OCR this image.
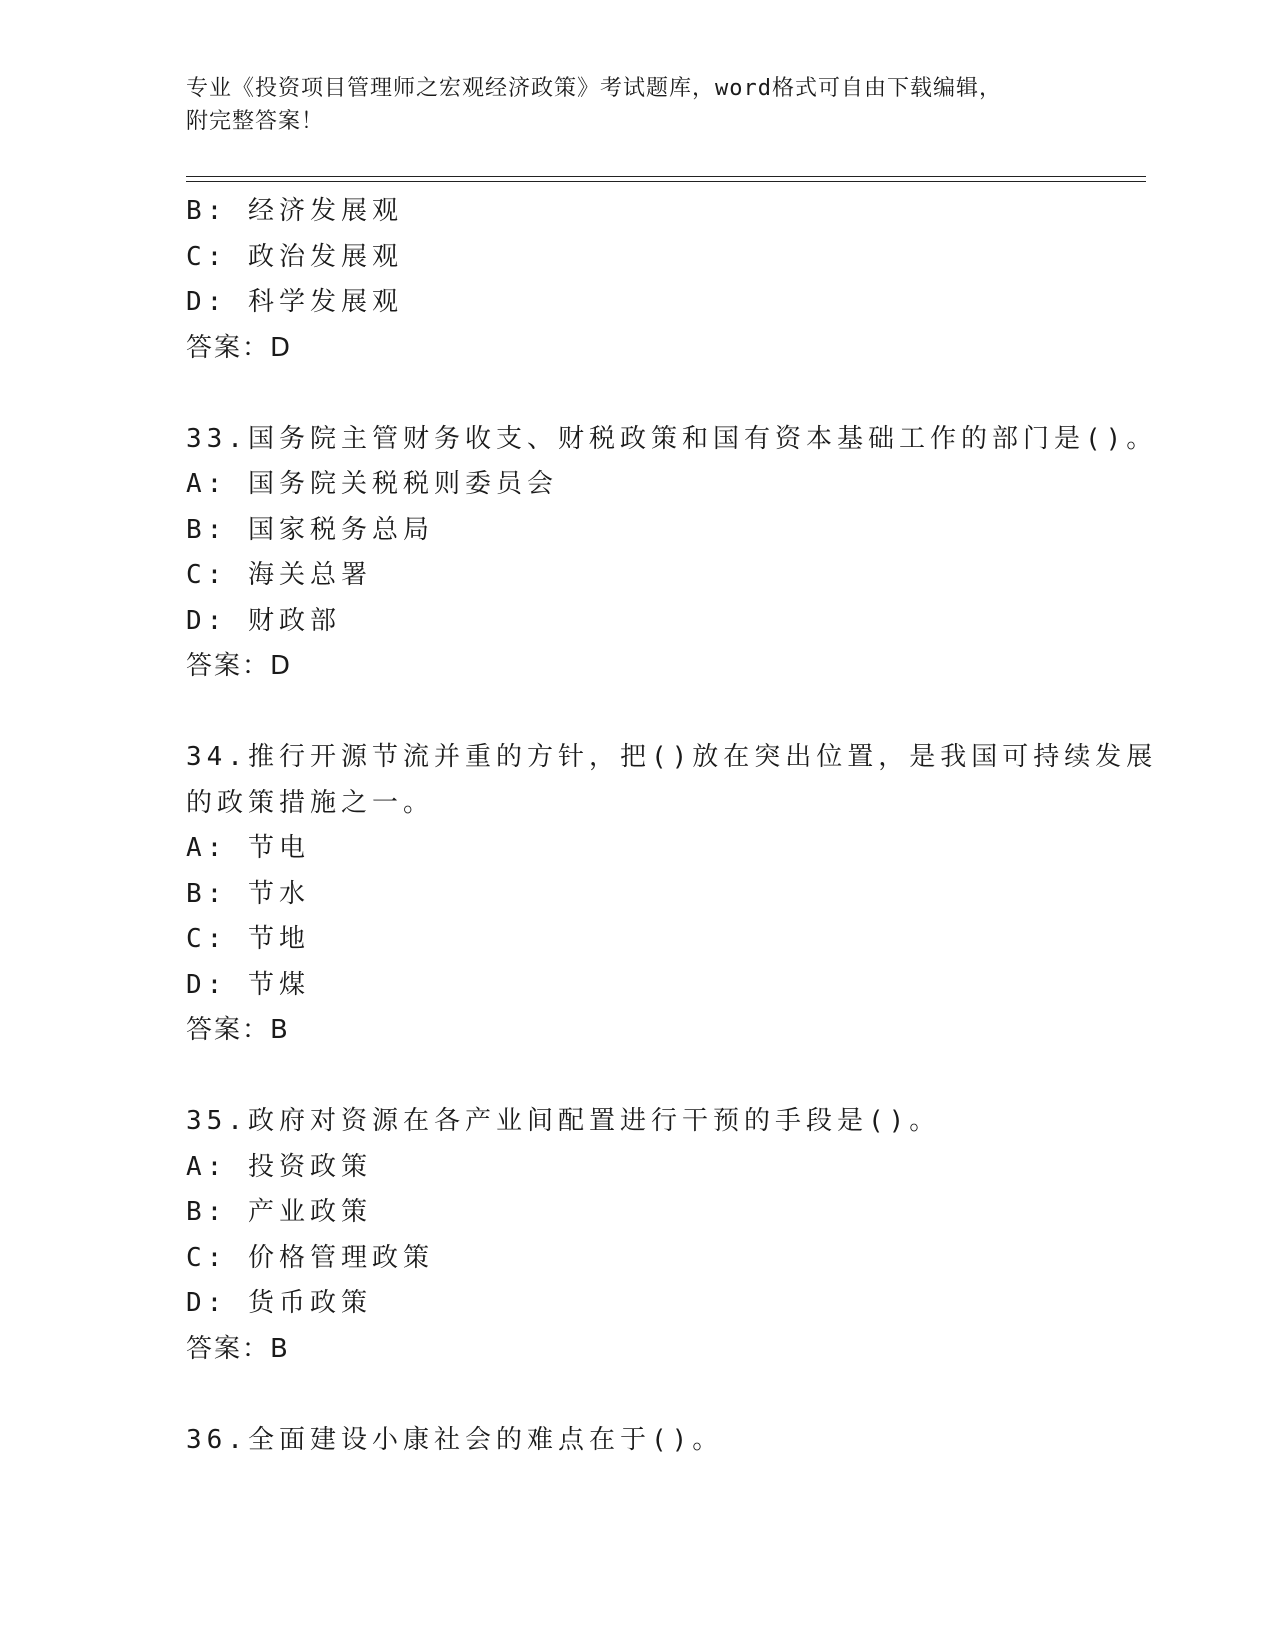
专业《投资项目管理师之宏观经济政策》考试题库，word格式可自由下载编辑，
附完整答案！
B: 经济发展观
C: 政治发展观
D: 科学发展观
答案：D
33.国务院主管财务收支、财税政策和国有资本基础工作的部门是()。
A: 国务院关税税则委员会
B: 国家税务总局
C: 海关总署
D: 财政部
答案：D
34.推行开源节流并重的方针，把()放在突出位置，是我国可持续发展
的政策措施之一。
A: 节电
B: 节水
C: 节地
D: 节煤
答案：B
35.政府对资源在各产业间配置进行干预的手段是()。
A: 投资政策
B: 产业政策
C: 价格管理政策
D: 货币政策
答案：B
36.全面建设小康社会的难点在于()。
